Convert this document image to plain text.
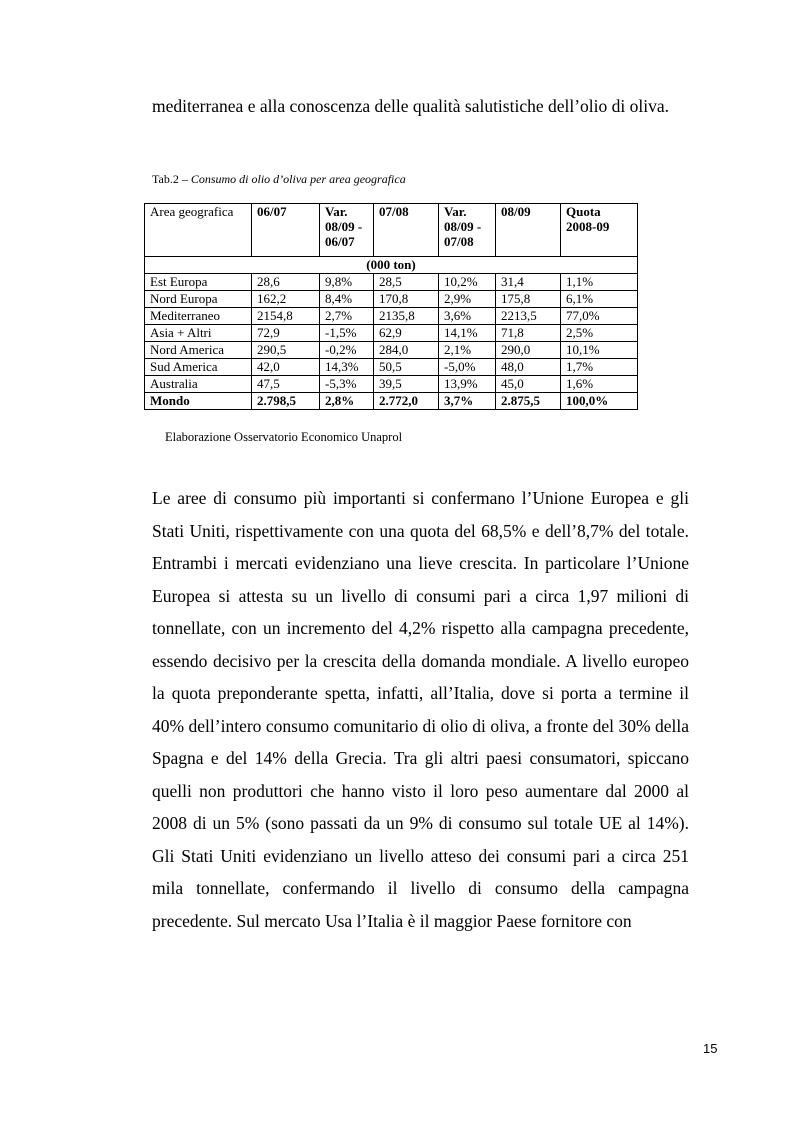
mediterranea e alla conoscenza delle qualità salutistiche dell’olio di oliva.

Tab.2 – Consumo di olio d’oliva per area geografica
Area geografica	06/07	Var. 08/09 - 06/07	07/08	Var. 08/09 - 07/08	08/09	Quota 2008-09
(000 ton)						
Est Europa	28,6	9,8%	28,5	10,2%	31,4	1,1%
Nord Europa	162,2	8,4%	170,8	2,9%	175,8	6,1%
Mediterraneo	2154,8	2,7%	2135,8	3,6%	2213,5	77,0%
Asia + Altri	72,9	-1,5%	62,9	14,1%	71,8	2,5%
Nord America	290,5	-0,2%	284,0	2,1%	290,0	10,1%
Sud America	42,0	14,3%	50,5	-5,0%	48,0	1,7%
Australia	47,5	-5,3%	39,5	13,9%	45,0	1,6%
Mondo	2.798,5	2,8%	2.772,0	3,7%	2.875,5	100,0%
Elaborazione Osservatorio Economico Unaprol

Le aree di consumo più importanti si confermano l’Unione Europea e gli Stati Uniti, rispettivamente con una quota del 68,5% e dell’8,7% del totale. Entrambi i mercati evidenziano una lieve crescita. In particolare l’Unione Europea si attesta su un livello di consumi pari a circa 1,97 milioni di tonnellate, con un incremento del 4,2% rispetto alla campagna precedente, essendo decisivo per la crescita della domanda mondiale. A livello europeo la quota preponderante spetta, infatti, all’Italia, dove si porta a termine il 40% dell’intero consumo comunitario di olio di oliva, a fronte del 30% della Spagna e del 14% della Grecia. Tra gli altri paesi consumatori, spiccano quelli non produttori che hanno visto il loro peso aumentare dal 2000 al 2008 di un 5% (sono passati da un 9% di consumo sul totale UE al 14%). Gli Stati Uniti evidenziano un livello atteso dei consumi pari a circa 251 mila tonnellate, confermando il livello di consumo della campagna precedente. Sul mercato Usa l’Italia è il maggior Paese fornitore con

15
